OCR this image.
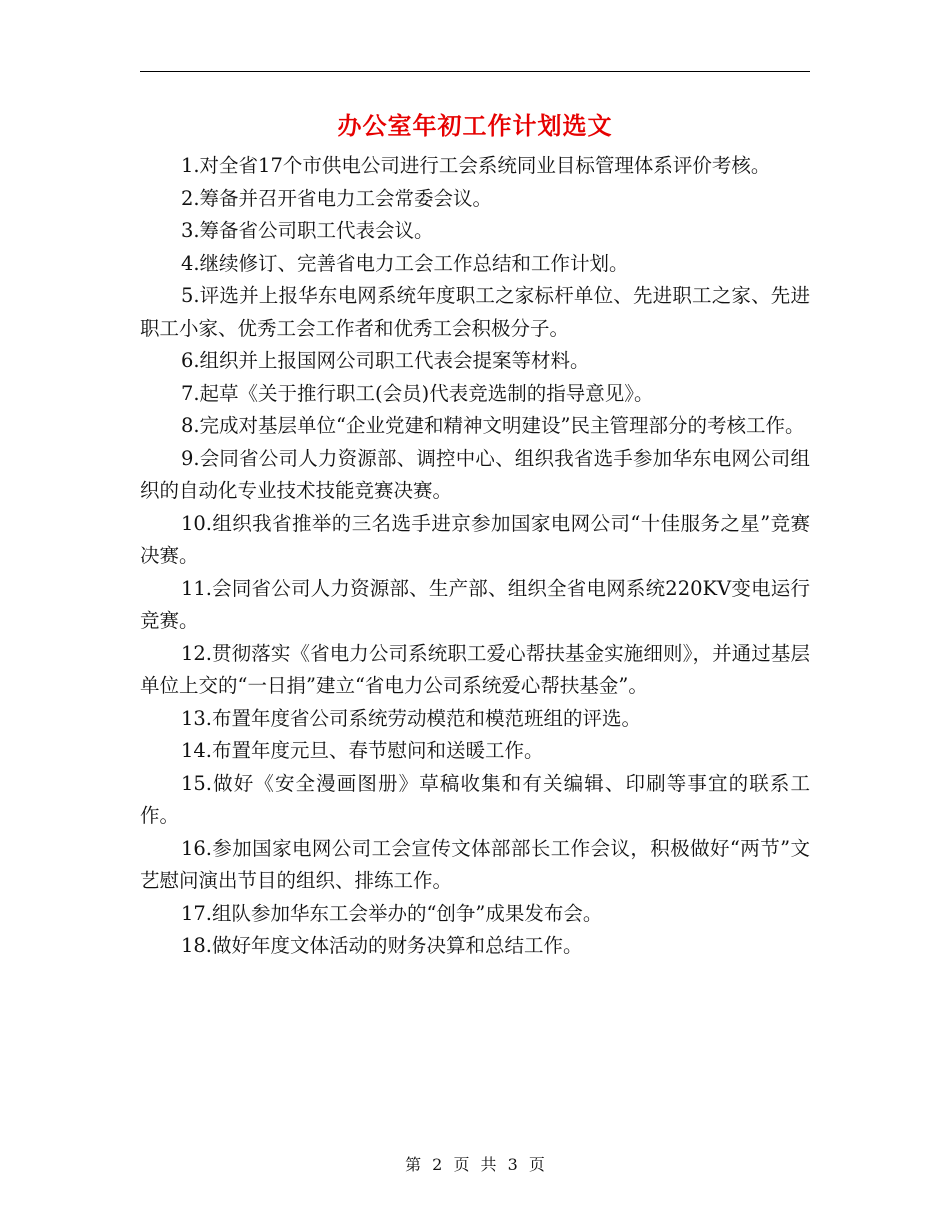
办公室年初工作计划选文

1.对全省17个市供电公司进行工会系统同业目标管理体系评价考核。

2.筹备并召开省电力工会常委会议。

3.筹备省公司职工代表会议。

4.继续修订、完善省电力工会工作总结和工作计划。

5.评选并上报华东电网系统年度职工之家标杆单位、先进职工之家、先进职工小家、优秀工会工作者和优秀工会积极分子。

6.组织并上报国网公司职工代表会提案等材料。

7.起草《关于推行职工(会员)代表竞选制的指导意见》。

8.完成对基层单位“企业党建和精神文明建设”民主管理部分的考核工作。

9.会同省公司人力资源部、调控中心、组织我省选手参加华东电网公司组织的自动化专业技术技能竞赛决赛。

10.组织我省推举的三名选手进京参加国家电网公司“十佳服务之星”竞赛决赛。

11.会同省公司人力资源部、生产部、组织全省电网系统220KV变电运行竞赛。

12.贯彻落实《省电力公司系统职工爱心帮扶基金实施细则》，并通过基层单位上交的“一日捐”建立“省电力公司系统爱心帮扶基金”。

13.布置年度省公司系统劳动模范和模范班组的评选。

14.布置年度元旦、春节慰问和送暖工作。

15.做好《安全漫画图册》草稿收集和有关编辑、印刷等事宜的联系工作。

16.参加国家电网公司工会宣传文体部部长工作会议，积极做好“两节”文艺慰问演出节目的组织、排练工作。

17.组队参加华东工会举办的“创争”成果发布会。

18.做好年度文体活动的财务决算和总结工作。

第 2 页 共 3 页
